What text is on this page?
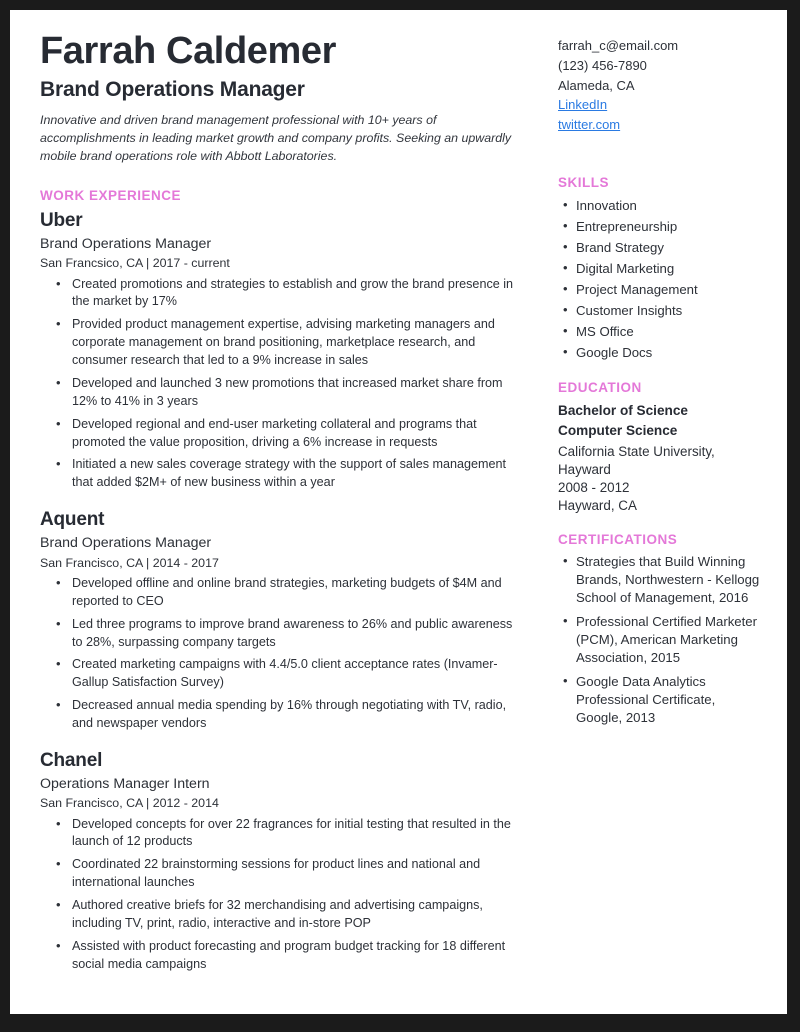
Farrah Caldemer
Brand Operations Manager

Innovative and driven brand management professional with 10+ years of accomplishments in leading market growth and company profits. Seeking an upwardly mobile brand operations role with Abbott Laboratories.

WORK EXPERIENCE
Uber
Brand Operations Manager
San Francsico, CA | 2017 - current
• Created promotions and strategies to establish and grow the brand presence in the market by 17%
• Provided product management expertise, advising marketing managers and corporate management on brand positioning, marketplace research, and consumer research that led to a 9% increase in sales
• Developed and launched 3 new promotions that increased market share from 12% to 41% in 3 years
• Developed regional and end-user marketing collateral and programs that promoted the value proposition, driving a 6% increase in requests
• Initiated a new sales coverage strategy with the support of sales management that added $2M+ of new business within a year
Aquent
Brand Operations Manager
San Francisco, CA | 2014 - 2017
• Developed offline and online brand strategies, marketing budgets of $4M and reported to CEO
• Led three programs to improve brand awareness to 26% and public awareness to 28%, surpassing company targets
• Created marketing campaigns with 4.4/5.0 client acceptance rates (Invamer-Gallup Satisfaction Survey)
• Decreased annual media spending by 16% through negotiating with TV, radio, and newspaper vendors
Chanel
Operations Manager Intern
San Francisco, CA | 2012 - 2014
• Developed concepts for over 22 fragrances for initial testing that resulted in the launch of 12 products
• Coordinated 22 brainstorming sessions for product lines and national and international launches
• Authored creative briefs for 32 merchandising and advertising campaigns, including TV, print, radio, interactive and in-store POP
• Assisted with product forecasting and program budget tracking for 18 different social media campaigns
farrah_c@email.com
(123) 456-7890
Alameda, CA
LinkedIn
twitter.com
SKILLS
• Innovation
• Entrepreneurship
• Brand Strategy
• Digital Marketing
• Project Management
• Customer Insights
• MS Office
• Google Docs
EDUCATION
Bachelor of Science
Computer Science
California State University, Hayward
2008 - 2012
Hayward, CA
CERTIFICATIONS
• Strategies that Build Winning Brands, Northwestern - Kellogg School of Management, 2016
• Professional Certified Marketer (PCM), American Marketing Association, 2015
• Google Data Analytics Professional Certificate, Google, 2013
